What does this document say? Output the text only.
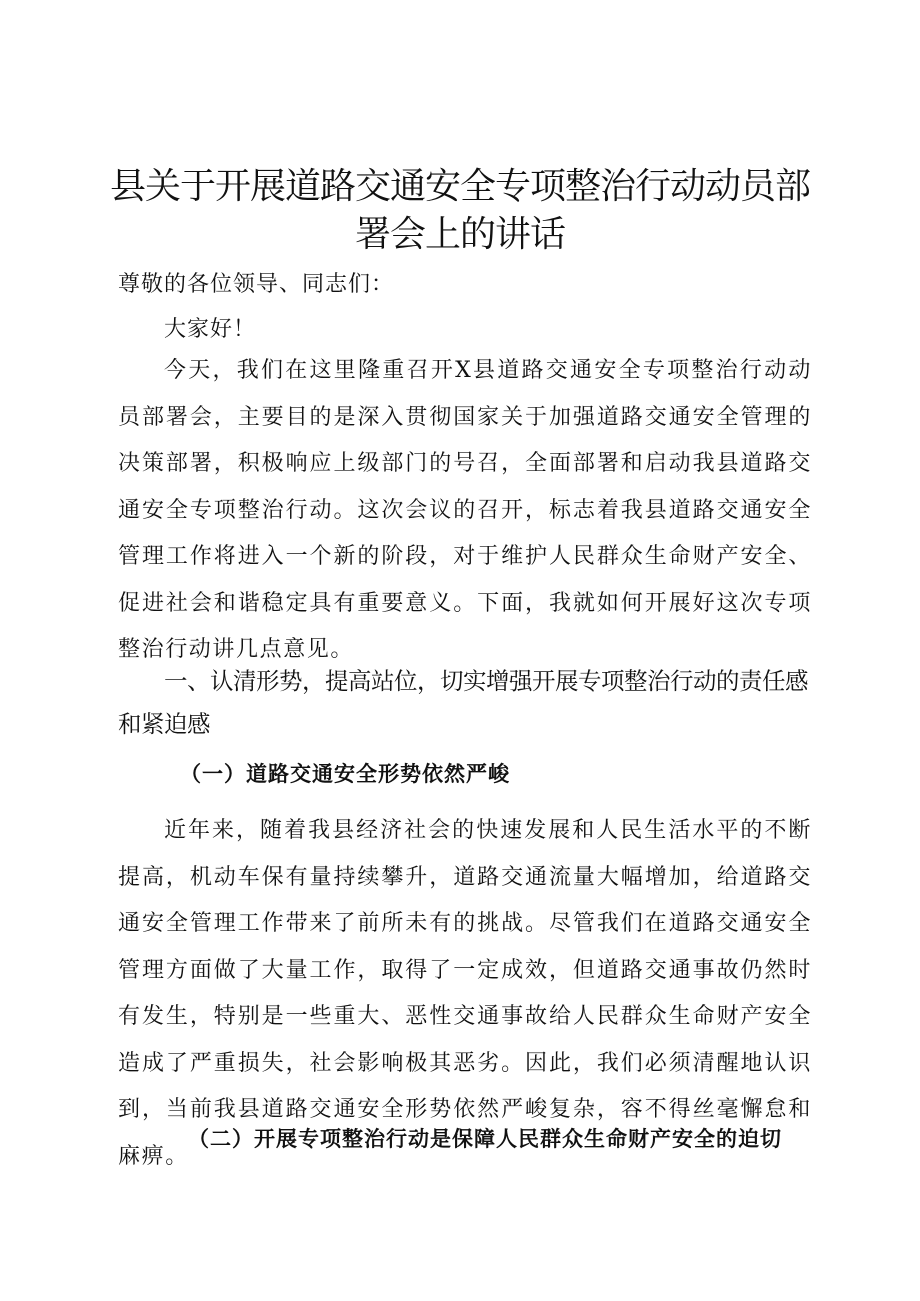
县关于开展道路交通安全专项整治行动动员部署会上的讲话
尊敬的各位领导、同志们：
大家好！
今天，我们在这里隆重召开X县道路交通安全专项整治行动动员部署会，主要目的是深入贯彻国家关于加强道路交通安全管理的决策部署，积极响应上级部门的号召，全面部署和启动我县道路交通安全专项整治行动。这次会议的召开，标志着我县道路交通安全管理工作将进入一个新的阶段，对于维护人民群众生命财产安全、促进社会和谐稳定具有重要意义。下面，我就如何开展好这次专项整治行动讲几点意见。
一、认清形势，提高站位，切实增强开展专项整治行动的责任感和紧迫感
（一）道路交通安全形势依然严峻
近年来，随着我县经济社会的快速发展和人民生活水平的不断提高，机动车保有量持续攀升，道路交通流量大幅增加，给道路交通安全管理工作带来了前所未有的挑战。尽管我们在道路交通安全管理方面做了大量工作，取得了一定成效，但道路交通事故仍然时有发生，特别是一些重大、恶性交通事故给人民群众生命财产安全造成了严重损失，社会影响极其恶劣。因此，我们必须清醒地认识到，当前我县道路交通安全形势依然严峻复杂，容不得丝毫懈怠和麻痹。
（二）开展专项整治行动是保障人民群众生命财产安全的迫切
